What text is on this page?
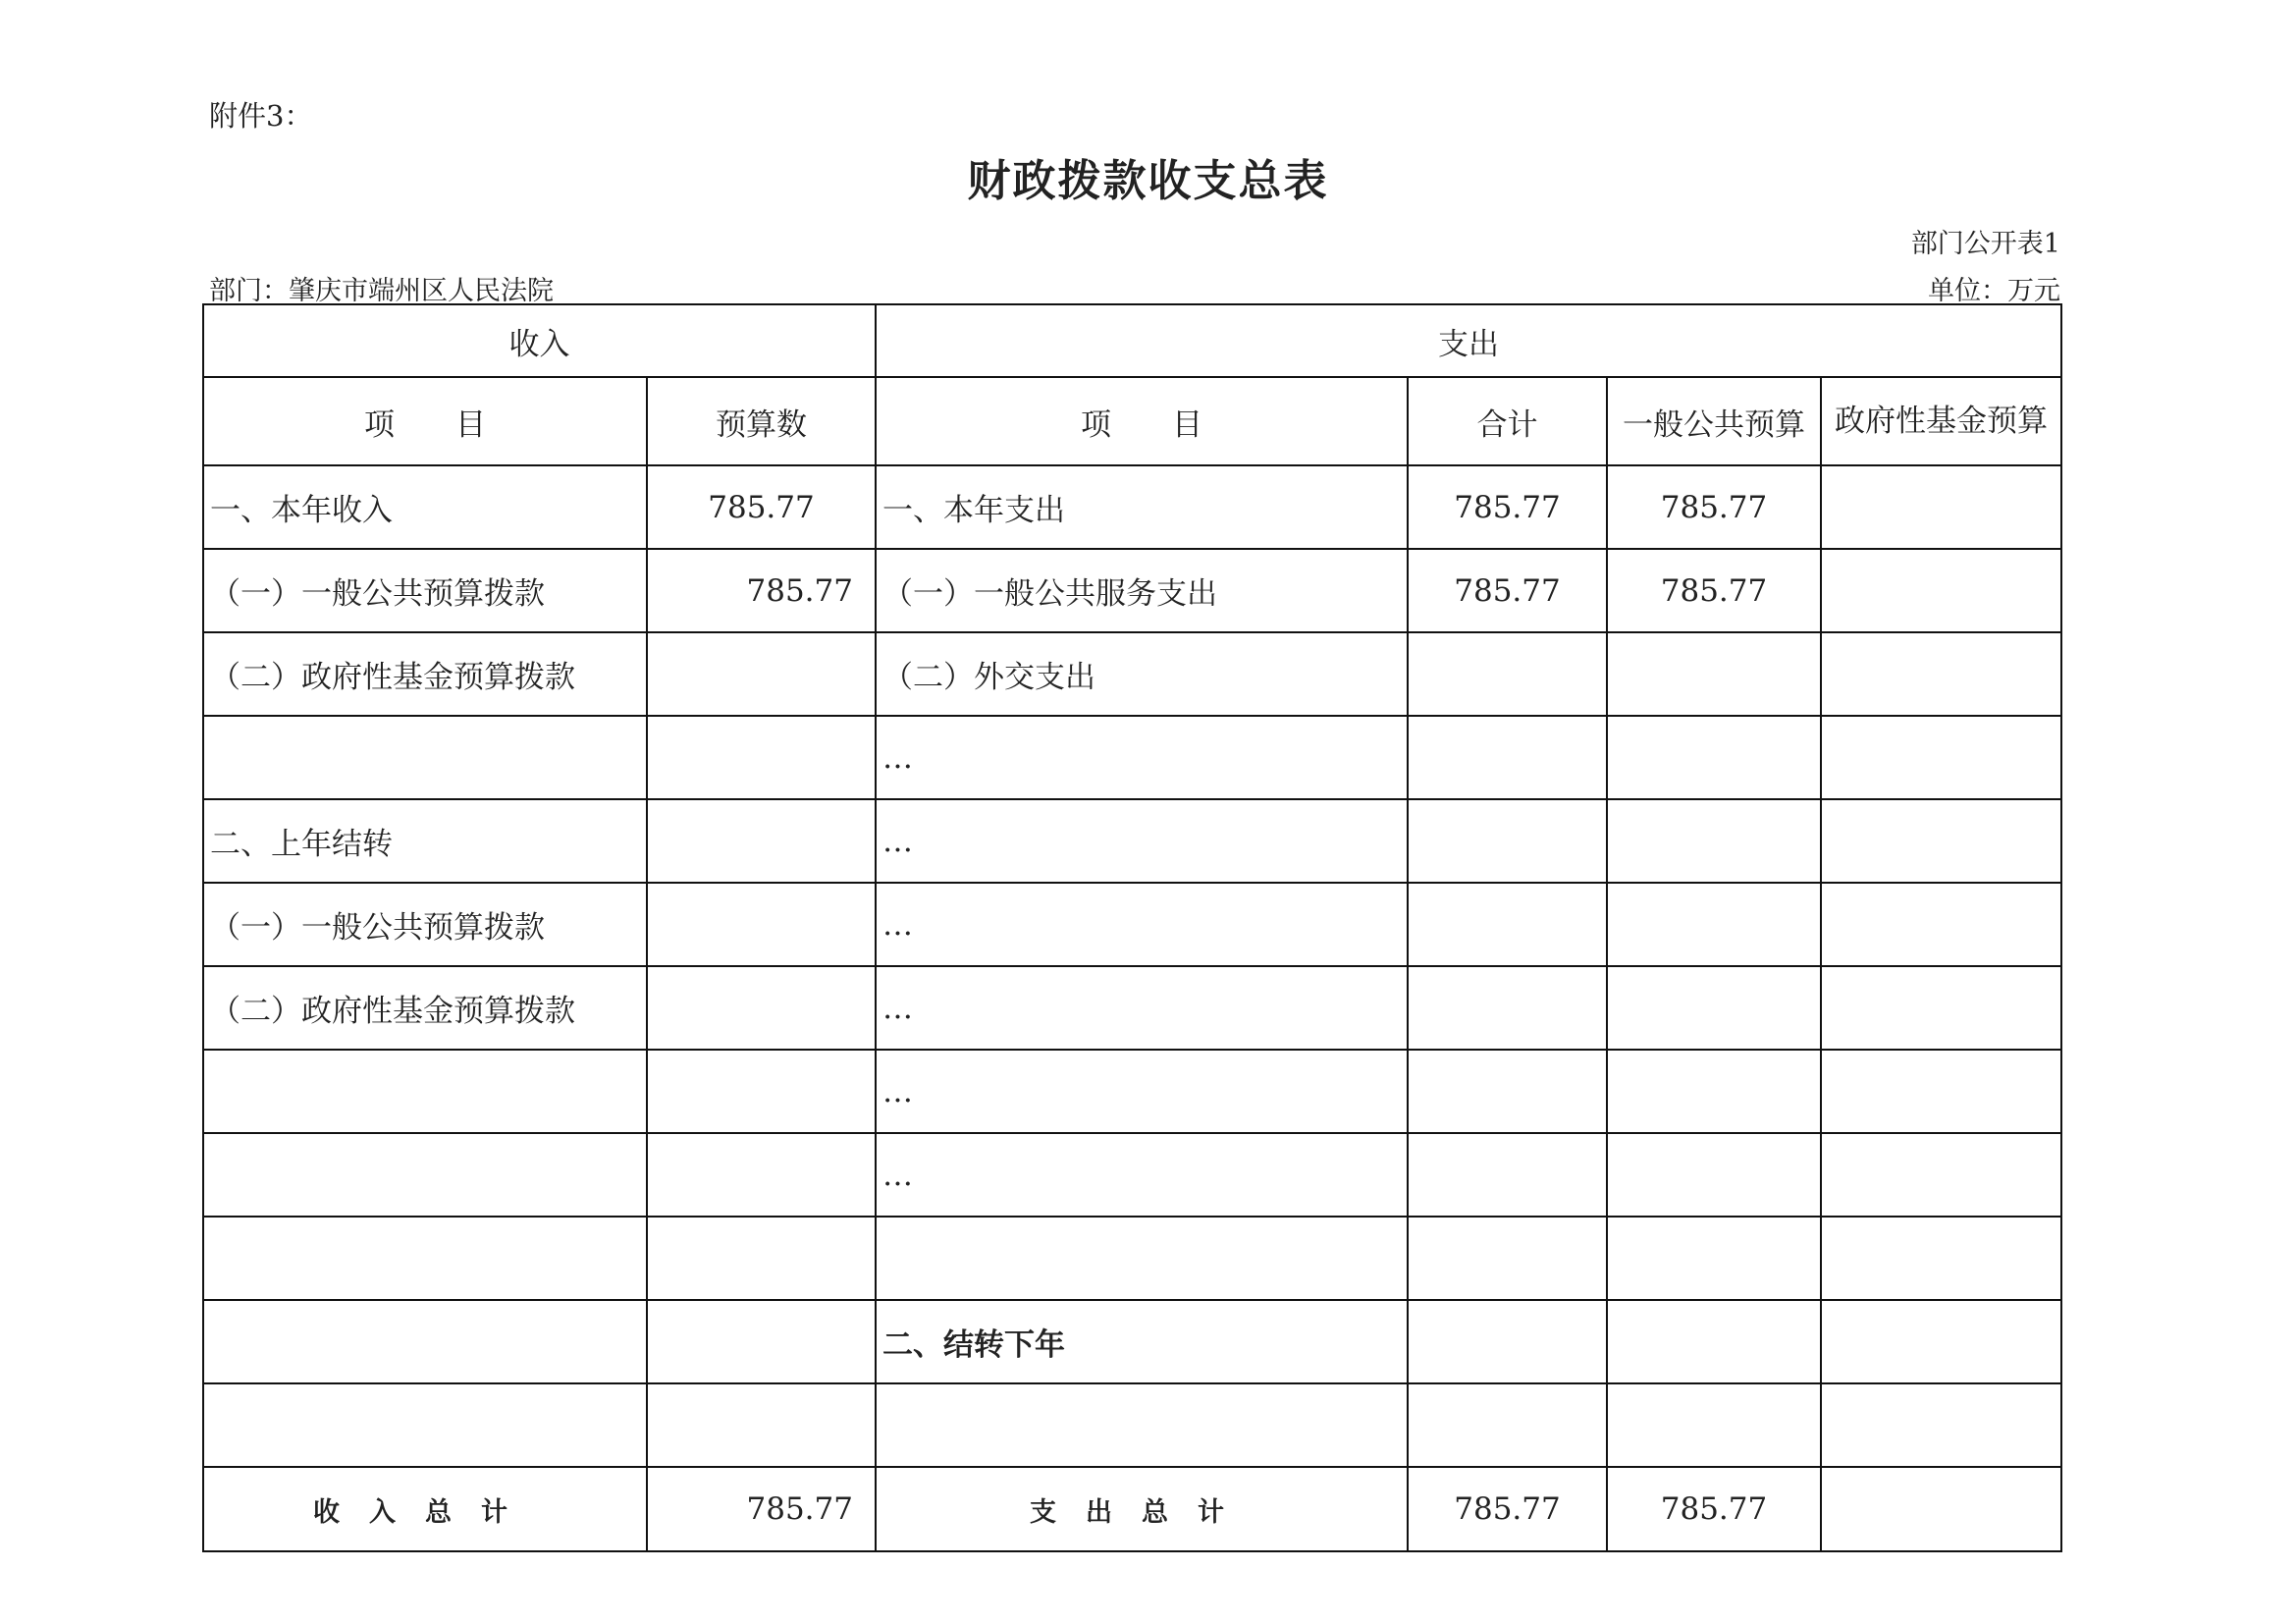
附件3：
财政拨款收支总表
部门公开表1
部门：肇庆市端州区人民法院	单位：万元
收入		支出			
项　　目	预算数	项　　目	合计	一般公共预算	政府性基金预算
一、本年收入	785.77	一、本年支出	785.77	785.77	
（一）一般公共预算拨款	785.77	（一）一般公共服务支出	785.77	785.77	
（二）政府性基金预算拨款		（二）外交支出			
		…			
二、上年结转		…			
（一）一般公共预算拨款		…			
（二）政府性基金预算拨款		…			
		…			
		…			

		二、结转下年			

收入总计	785.77	支出总计	785.77	785.77	
